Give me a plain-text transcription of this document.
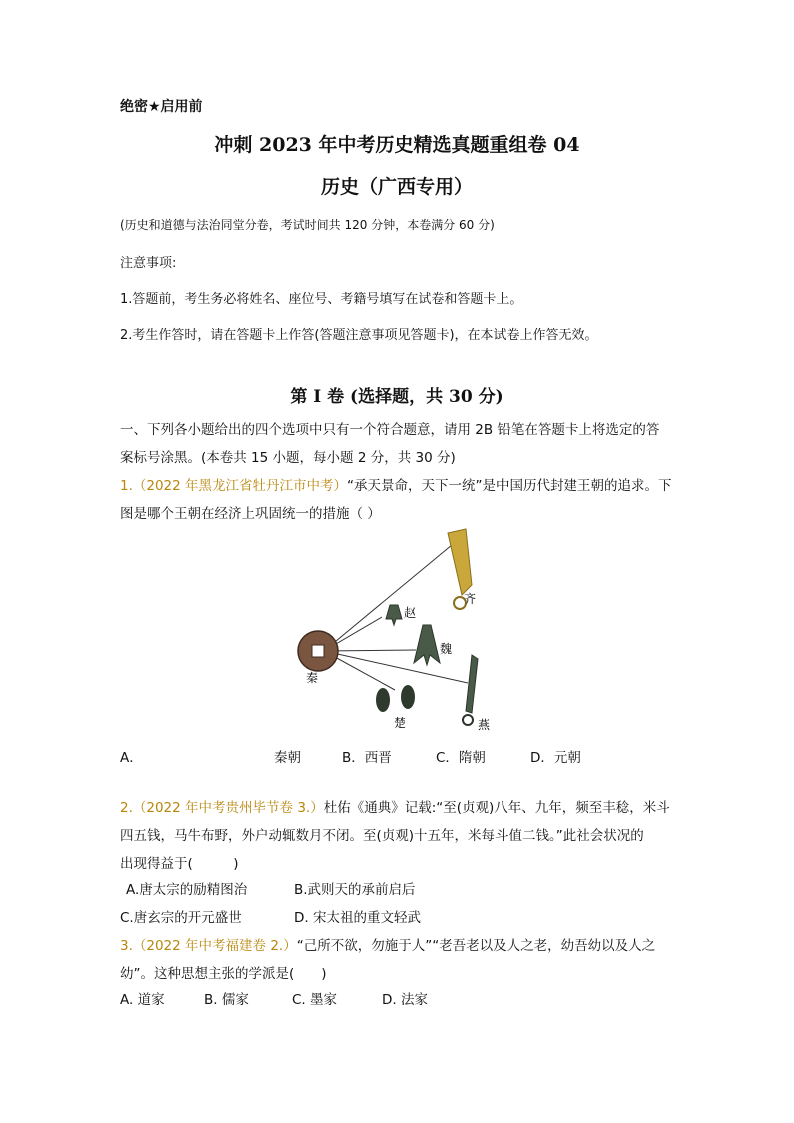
绝密★启用前
冲刺 2023 年中考历史精选真题重组卷 04
历史（广西专用）
(历史和道德与法治同堂分卷，考试时间共 120 分钟，本卷满分 60 分)
注意事项:
1.答题前，考生务必将姓名、座位号、考籍号填写在试卷和答题卡上。
2.考生作答时，请在答题卡上作答(答题注意事项见答题卡)，在本试卷上作答无效。
第 I 卷 (选择题，共 30 分)
一、下列各小题给出的四个选项中只有一个符合题意，请用 2B 铅笔在答题卡上将选定的答
案标号涂黑。(本卷共 15 小题，每小题 2 分，共 30 分)
1.（2022 年黑龙江省牡丹江市中考）“承天景命，天下一统”是中国历代封建王朝的追求。下
图是哪个王朝在经济上巩固统一的措施（ ）
秦
齐
赵
魏
楚	燕
A．	秦朝	B．西晋	C．隋朝	D．元朝
2.（2022 年中考贵州毕节卷 3.）杜佑《通典》记载:“至(贞观)八年、九年，频至丰稔，米斗
四五钱，马牛布野，外户动辄数月不闭。至(贞观)十五年，米每斗值二钱。”此社会状况的
出现得益于(　　　)
A.唐太宗的励精图治	B.武则天的承前启后
C.唐玄宗的开元盛世	D. 宋太祖的重文轻武
3.（2022 年中考福建卷 2.）“己所不欲，勿施于人”“老吾老以及人之老，幼吾幼以及人之
幼”。这种思想主张的学派是(　　)
A. 道家	B. 儒家	C. 墨家	D. 法家
